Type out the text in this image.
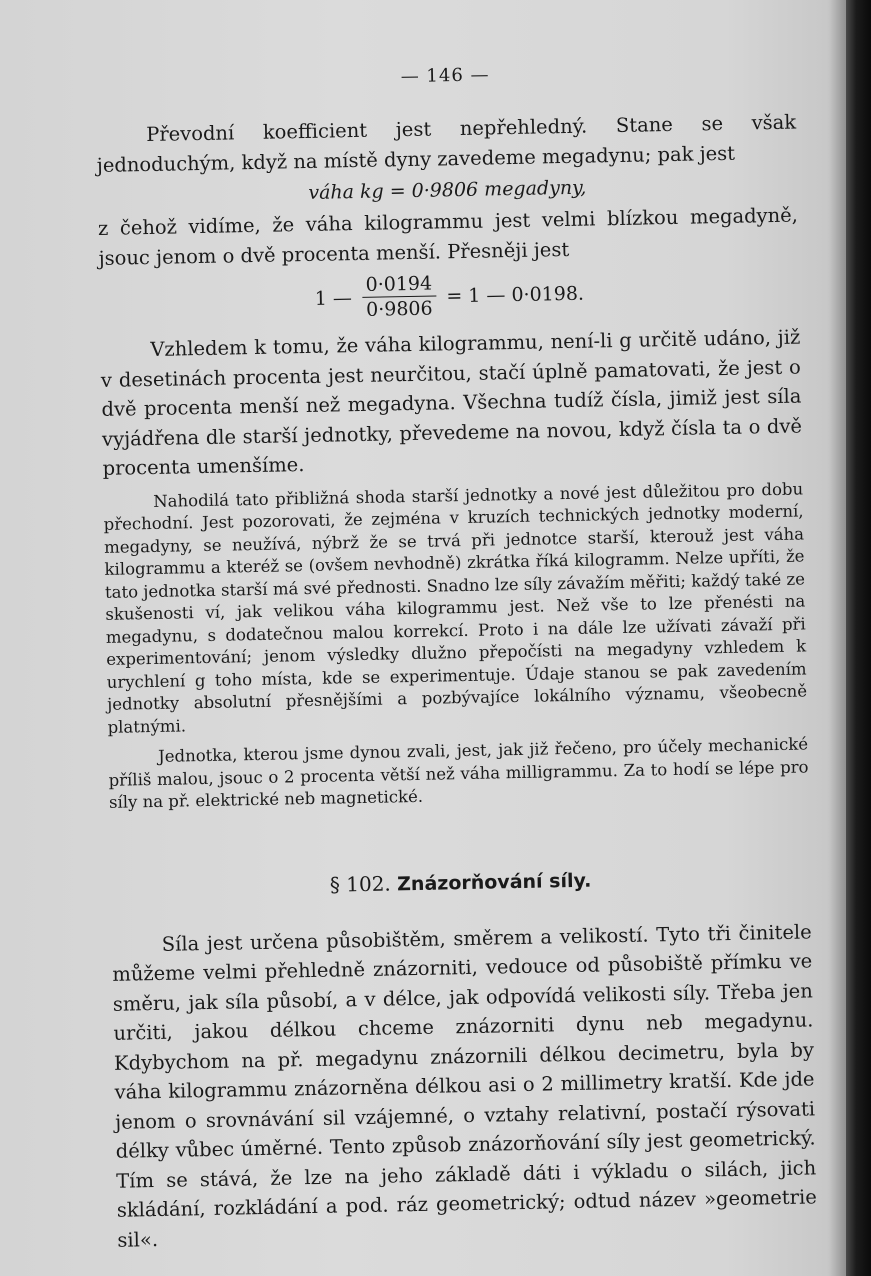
— 146 —

Převodní koefficient jest nepřehledný. Stane se však jednoduchým, když na místě dyny zavedeme megadynu; pak jest

váha kg = 0·9806 megadyny,

z čehož vidíme, že váha kilogrammu jest velmi blízkou megadyně, jsouc jenom o dvě procenta menší. Přesněji jest

1 — $\frac{0\cdot 0194}{0\cdot 9806} = 1$ — 0·0198.

Vzhledem k tomu, že váha kilogrammu, není-li g určitě udáno, již v desetinách procenta jest neurčitou, stačí úplně pamatovati, že jest o dvě procenta menší než megadyna. Všechna tudíž čísla, jimiž jest síla vyjádřena dle starší jednotky, převedeme na novou, když čísla ta o dvě procenta umenšíme.

Nahodilá tato přibližná shoda starší jednotky a nové jest důležitou pro dobu přechodní. Jest pozorovati, že zejména v kruzích technických jednotky moderní, megadyny, se neužívá, nýbrž že se trvá při jednotce starší, kterouž jest váha kilogrammu a kteréž se (ovšem nevhodně) zkrátka říká kilogramm. Nelze upříti, že tato jednotka starší má své přednosti. Snadno lze síly závažím měřiti; každý také ze skušenosti ví, jak velikou váha kilogrammu jest. Než vše to lze přenésti na megadynu, s dodatečnou malou korrekcí. Proto i na dále lze užívati závaží při experimentování; jenom výsledky dlužno přepočísti na megadyny vzhledem k urychlení g toho místa, kde se experimentuje. Údaje stanou se pak zavedením jednotky absolutní přesnějšími a pozbývajíce lokálního významu, všeobecně platnými.

Jednotka, kterou jsme dynou zvali, jest, jak již řečeno, pro účely mechanické příliš malou, jsouc o 2 procenta větší než váha milligrammu. Za to hodí se lépe pro síly na př. elektrické neb magnetické.

§ 102. Znázorňování síly.

Síla jest určena působištěm, směrem a velikostí. Tyto tři činitele můžeme velmi přehledně znázorniti, vedouce od působiště přímku ve směru, jak síla působí, a v délce, jak odpovídá velikosti síly. Třeba jen určiti, jakou délkou chceme znázorniti dynu neb megadynu. Kdybychom na př. megadynu znázornili délkou decimetru, byla by váha kilogrammu znázorněna délkou asi o 2 millimetry kratší. Kde jde jenom o srovnávání sil vzájemné, o vztahy relativní, postačí rýsovati délky vůbec úměrné. Tento způsob znázorňování síly jest geometrický. Tím se stává, že lze na jeho základě dáti i výkladu o silách, jich skládání, rozkládání a pod. ráz geometrický; odtud název »geometrie sil«.
